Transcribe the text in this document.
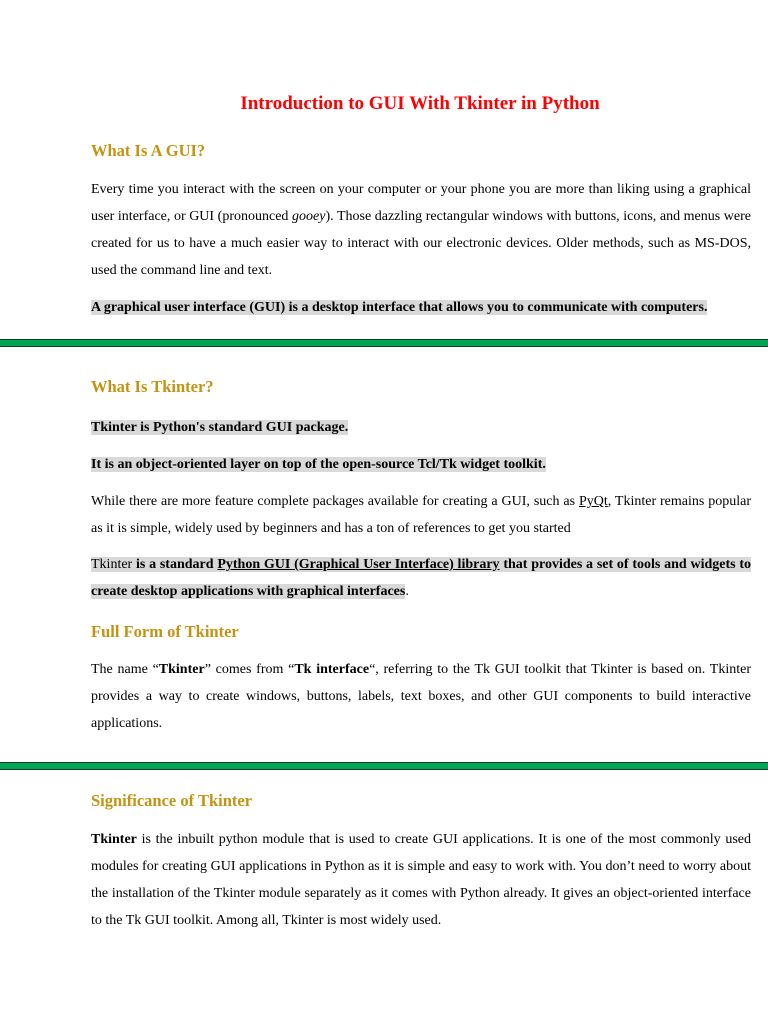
Introduction to GUI With Tkinter in Python
What Is A GUI?
Every time you interact with the screen on your computer or your phone you are more than liking using a graphical user interface, or GUI (pronounced gooey). Those dazzling rectangular windows with buttons, icons, and menus were created for us to have a much easier way to interact with our electronic devices. Older methods, such as MS-DOS, used the command line and text.
A graphical user interface (GUI) is a desktop interface that allows you to communicate with computers.
What Is Tkinter?
Tkinter is Python's standard GUI package.
It is an object-oriented layer on top of the open-source Tcl/Tk widget toolkit.
While there are more feature complete packages available for creating a GUI, such as PyQt, Tkinter remains popular as it is simple, widely used by beginners and has a ton of references to get you started
Tkinter is a standard Python GUI (Graphical User Interface) library that provides a set of tools and widgets to create desktop applications with graphical interfaces.
Full Form of Tkinter
The name “Tkinter” comes from “Tk interface“, referring to the Tk GUI toolkit that Tkinter is based on. Tkinter provides a way to create windows, buttons, labels, text boxes, and other GUI components to build interactive applications.
Significance of Tkinter
Tkinter is the inbuilt python module that is used to create GUI applications. It is one of the most commonly used modules for creating GUI applications in Python as it is simple and easy to work with. You don’t need to worry about the installation of the Tkinter module separately as it comes with Python already. It gives an object-oriented interface to the Tk GUI toolkit. Among all, Tkinter is most widely used.
